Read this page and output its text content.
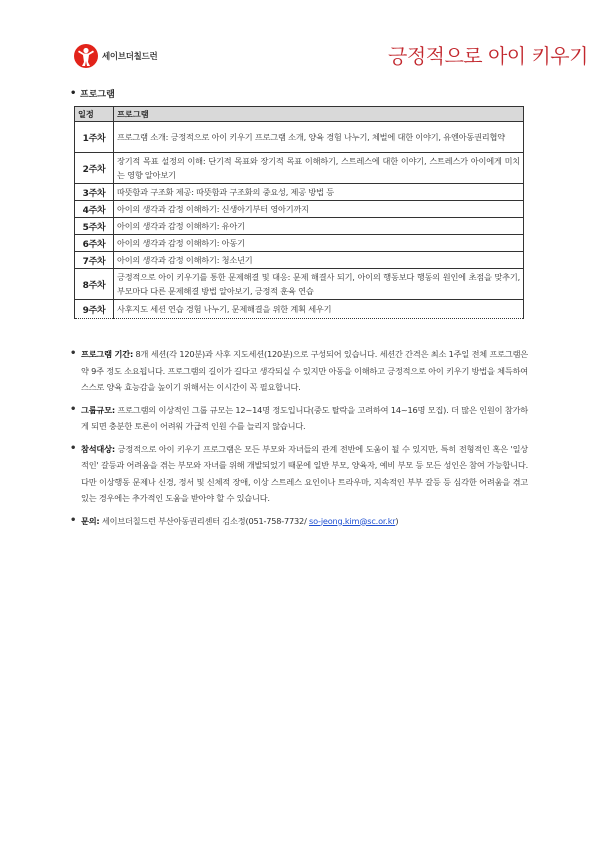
세이브더칠드런	긍정적으로 아이 키우기
• 프로그램
일정	프로그램
1주차	프로그램 소개: 긍정적으로 아이 키우기 프로그램 소개, 양육 경험 나누기, 체벌에 대한 이야기, 유엔아동권리협약
2주차	장기적 목표 설정의 이해: 단기적 목표와 장기적 목표 이해하기, 스트레스에 대한 이야기, 스트레스가 아이에게 미치는 영향 알아보기
3주차	따뜻함과 구조화 제공: 따뜻함과 구조화의 중요성, 제공 방법 등
4주차	아이의 생각과 감정 이해하기: 신생아기부터 영아기까지
5주차	아이의 생각과 감정 이해하기: 유아기
6주차	아이의 생각과 감정 이해하기: 아동기
7주차	아이의 생각과 감정 이해하기: 청소년기
8주차	긍정적으로 아이 키우기를 통한 문제해결 및 대응: 문제 해결사 되기, 아이의 행동보다 행동의 원인에 초점을 맞추기, 부모마다 다른 문제해결 방법 알아보기, 긍정적 훈육 연습
9주차	사후지도 세션 연습 경험 나누기, 문제해결을 위한 계획 세우기
• 프로그램 기간: 8개 세션(각 120분)과 사후 지도세션(120분)으로 구성되어 있습니다. 세션간 간격은 최소 1주일 전체 프로그램은 약 9주 정도 소요됩니다. 프로그램의 길이가 길다고 생각되실 수 있지만 아동을 이해하고 긍정적으로 아이 키우기 방법을 체득하여 스스로 양육 효능감을 높이기 위해서는 이시간이 꼭 필요합니다.
• 그룹규모: 프로그램의 이상적인 그룹 규모는 12~14명 정도입니다(중도 탈락을 고려하여 14~16명 모집). 더 많은 인원이 참가하게 되면 충분한 토론이 어려워 가급적 인원 수를 늘리지 않습니다.
• 참석대상: 긍정적으로 아이 키우기 프로그램은 모든 부모와 자녀들의 관계 전반에 도움이 될 수 있지만, 특히 전형적인 혹은 '일상적인' 갈등과 어려움을 겪는 부모와 자녀를 위해 개발되었기 때문에 일반 부모, 양육자, 예비 부모 등 모든 성인은 참여 가능합니다. 다만 이상행동 문제나 신경, 정서 및 신체적 장애, 이상 스트레스 요인이나 트라우마, 지속적인 부부 갈등 등 심각한 어려움을 겪고 있는 경우에는 추가적인 도움을 받아야 할 수 있습니다.
• 문의: 세이브더칠드런 부산아동권리센터 김소정(051-758-7732/ so-jeong.kim@sc.or.kr)
